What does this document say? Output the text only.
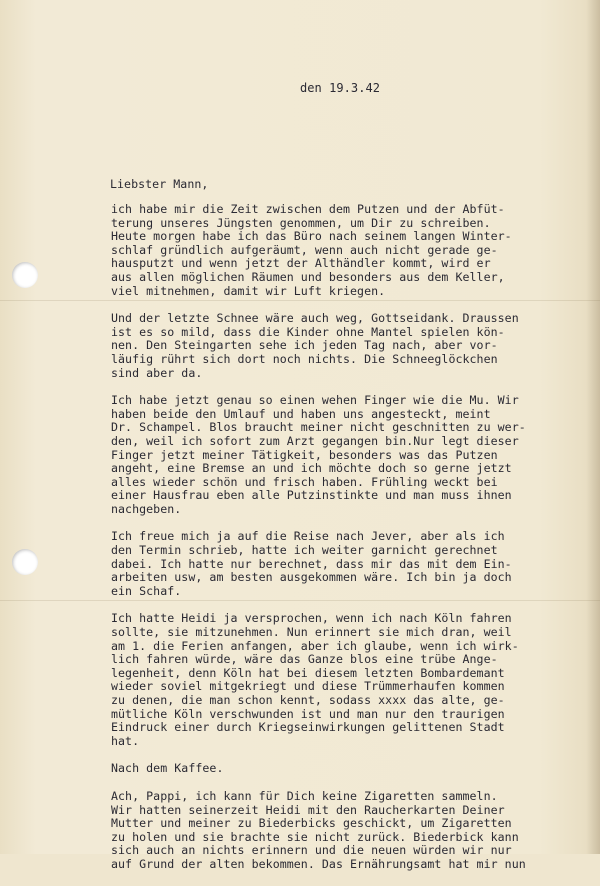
den 19.3.42
Liebster Mann,
ich habe mir die Zeit zwischen dem Putzen und der Abfüt-
terung unseres Jüngsten genommen, um Dir zu schreiben.
Heute morgen habe ich das Büro nach seinem langen Winter-
schlaf gründlich aufgeräumt, wenn auch nicht gerade ge-
hausputzt und wenn jetzt der Althändler kommt, wird er
aus allen möglichen Räumen und besonders aus dem Keller,
viel mitnehmen, damit wir Luft kriegen.
Und der letzte Schnee wäre auch weg, Gottseidank. Draussen
ist es so mild, dass die Kinder ohne Mantel spielen kön-
nen. Den Steingarten sehe ich jeden Tag nach, aber vor-
läufig rührt sich dort noch nichts. Die Schneeglöckchen
sind aber da.
Ich habe jetzt genau so einen wehen Finger wie die Mu. Wir
haben beide den Umlauf und haben uns angesteckt, meint
Dr. Schampel. Blos braucht meiner nicht geschnitten zu wer-
den, weil ich sofort zum Arzt gegangen bin.Nur legt dieser
Finger jetzt meiner Tätigkeit, besonders was das Putzen
angeht, eine Bremse an und ich möchte doch so gerne jetzt
alles wieder schön und frisch haben. Frühling weckt bei
einer Hausfrau eben alle Putzinstinkte und man muss ihnen
nachgeben.
Ich freue mich ja auf die Reise nach Jever, aber als ich
den Termin schrieb, hatte ich weiter garnicht gerechnet
dabei. Ich hatte nur berechnet, dass mir das mit dem Ein-
arbeiten usw, am besten ausgekommen wäre. Ich bin ja doch
ein Schaf.
Ich hatte Heidi ja versprochen, wenn ich nach Köln fahren
sollte, sie mitzunehmen. Nun erinnert sie mich dran, weil
am 1. die Ferien anfangen, aber ich glaube, wenn ich wirk-
lich fahren würde, wäre das Ganze blos eine trübe Ange-
legenheit, denn Köln hat bei diesem letzten Bombardemant
wieder soviel mitgekriegt und diese Trümmerhaufen kommen
zu denen, die man schon kennt, sodass xxxx das alte, ge-
mütliche Köln verschwunden ist und man nur den traurigen
Eindruck einer durch Kriegseinwirkungen gelittenen Stadt
hat.
Nach dem Kaffee.
Ach, Pappi, ich kann für Dich keine Zigaretten sammeln.
Wir hatten seinerzeit Heidi mit den Raucherkarten Deiner
Mutter und meiner zu Biederbicks geschickt, um Zigaretten
zu holen und sie brachte sie nicht zurück. Biederbick kann
sich auch an nichts erinnern und die neuen würden wir nur
auf Grund der alten bekommen. Das Ernährungsamt hat mir nun
